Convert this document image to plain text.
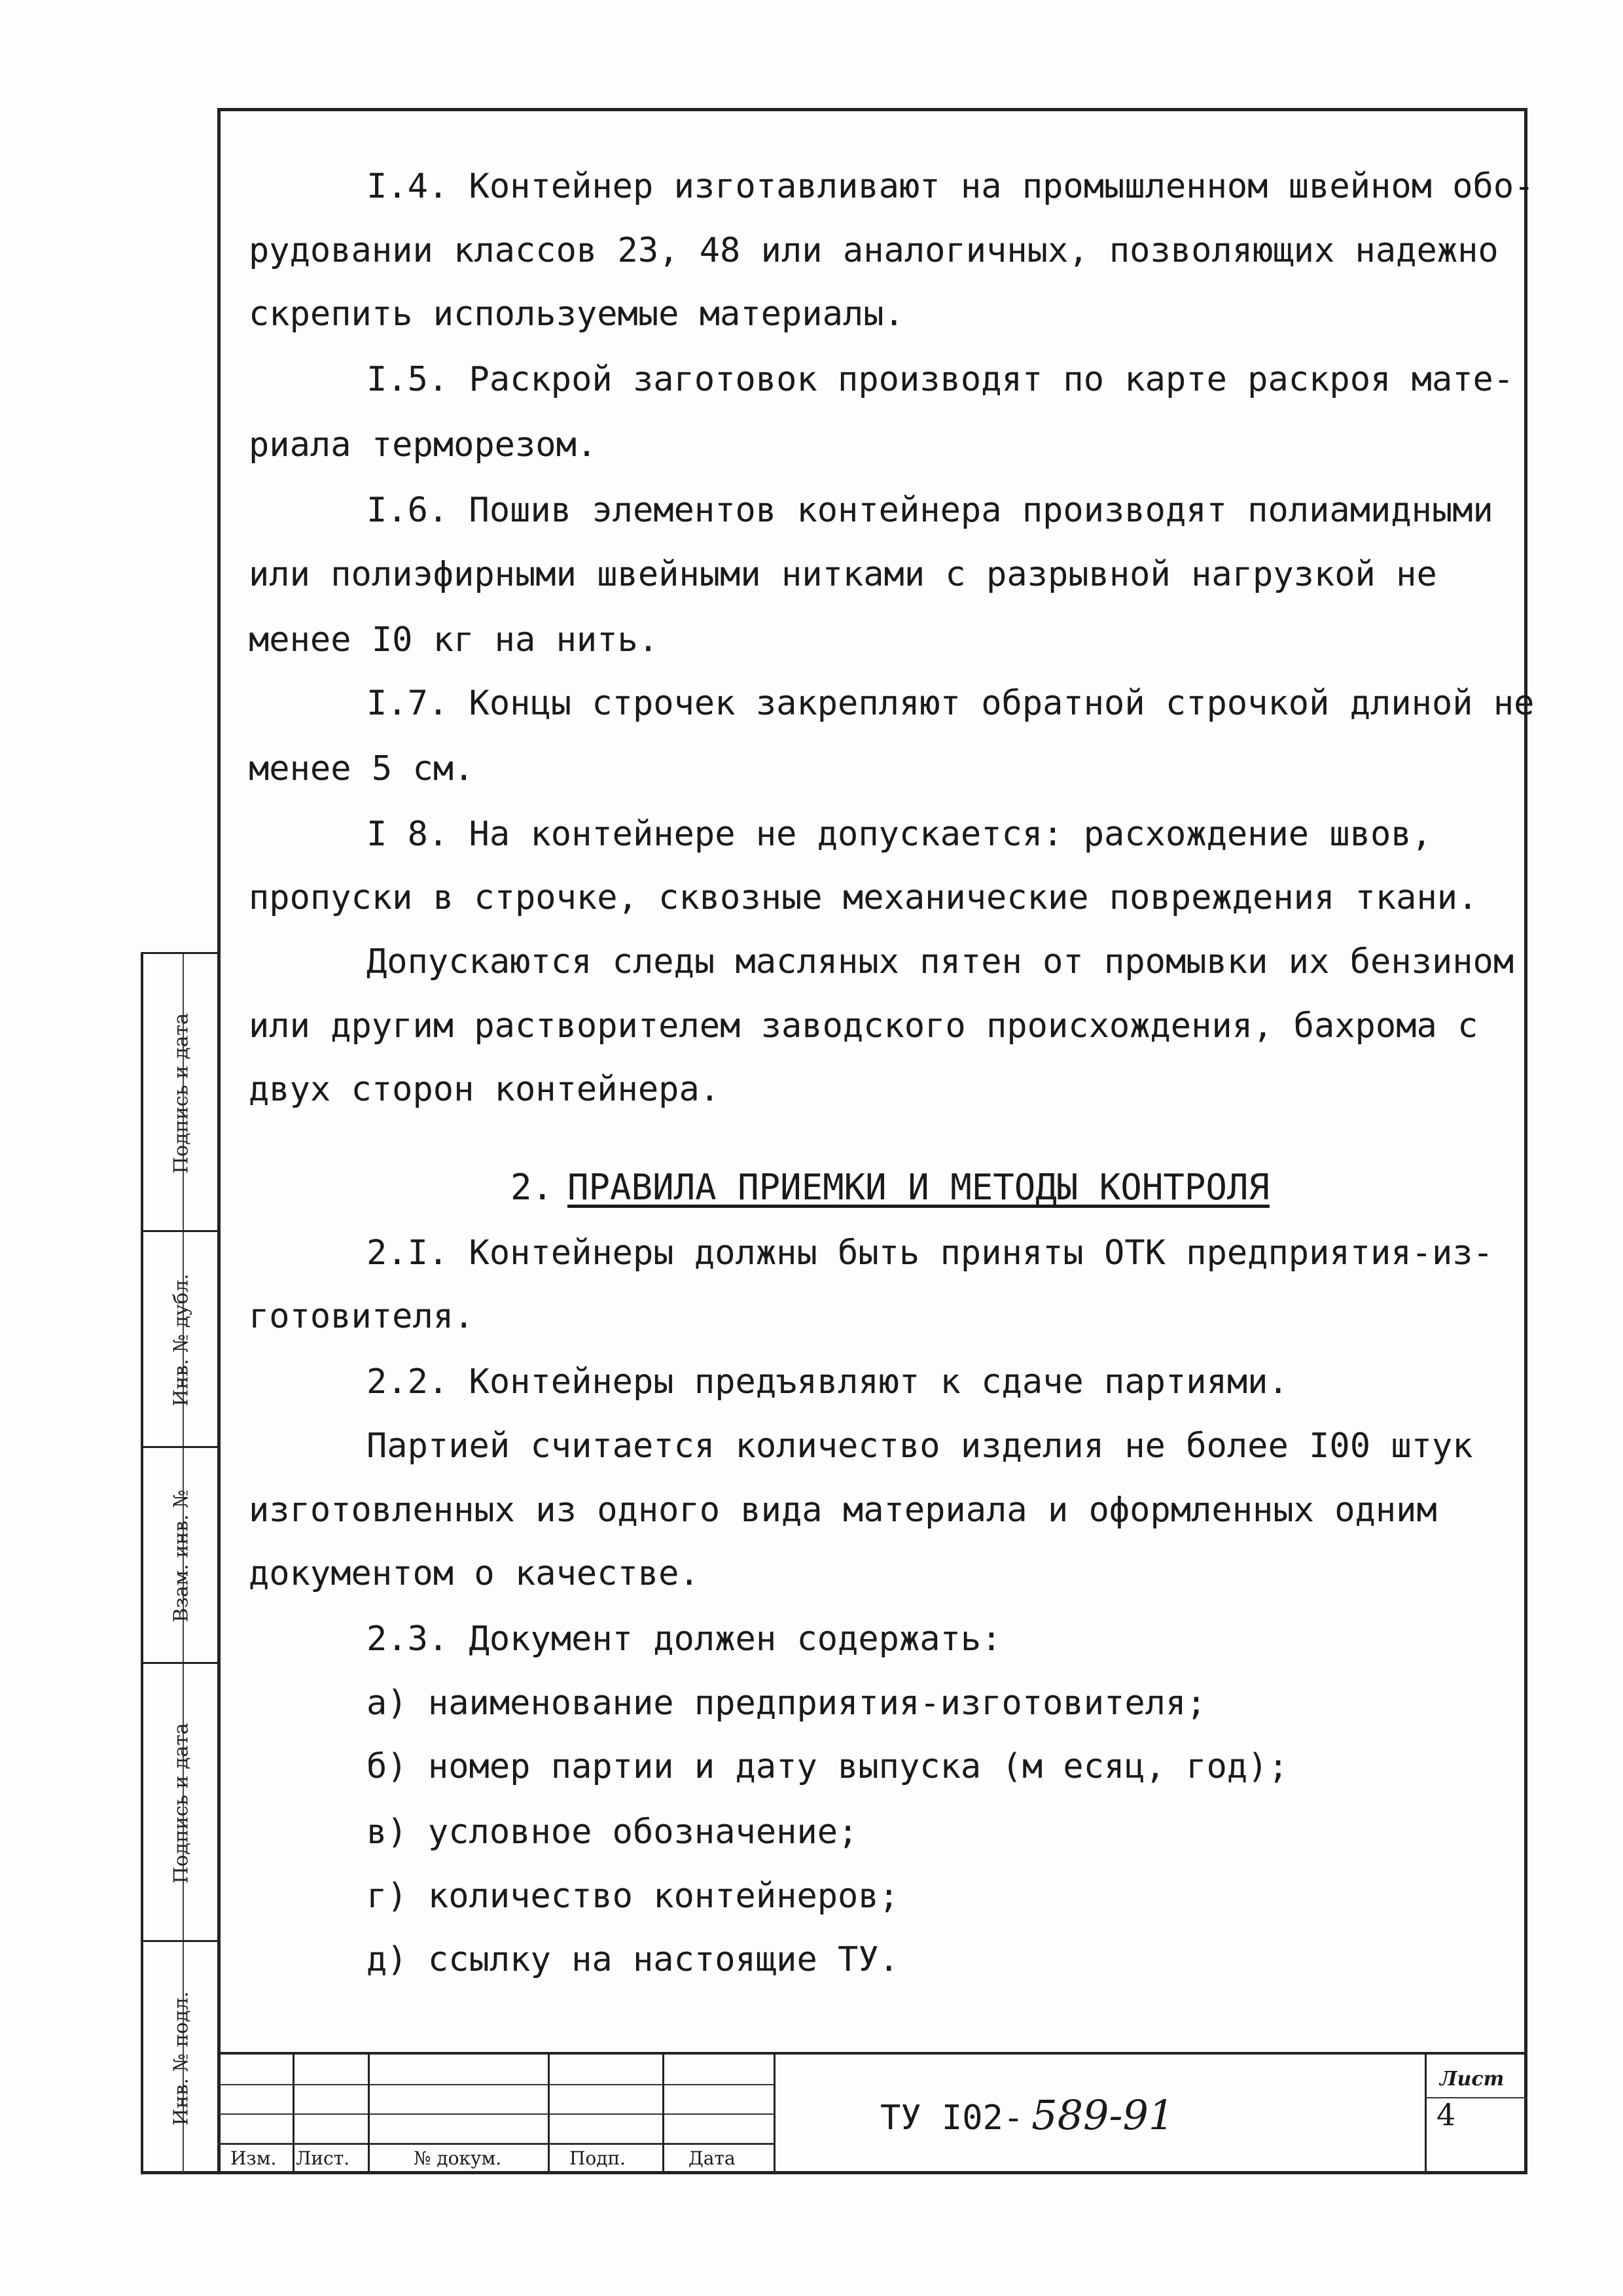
I.4. Контейнер изготавливают на промышленном швейном обо-
рудовании классов 23, 48 или аналогичных, позволяющих надежно
скрепить используемые материалы.
I.5. Раскрой заготовок производят по карте раскроя мате-
риала терморезом.
I.6. Пошив элементов контейнера производят полиамидными
или полиэфирными швейными нитками с разрывной нагрузкой не
менее I0 кг на нить.
I.7. Концы строчек закрепляют обратной строчкой длиной не
менее 5 см.
I 8. На контейнере не допускается: расхождение швов,
пропуски в строчке, сквозные механические повреждения ткани.
Допускаются следы масляных пятен от промывки их бензином
или другим растворителем заводского происхождения, бахрома с
двух сторон контейнера.
2. ПРАВИЛА ПРИЕМКИ И МЕТОДЫ КОНТРОЛЯ
2.I. Контейнеры должны быть приняты ОТК предприятия-из-
готовителя.
2.2. Контейнеры предъявляют к сдаче партиями.
Партией считается количество изделия не более I00 штук
изготовленных из одного вида материала и оформленных одним
документом о качестве.
2.3. Документ должен содержать:
а) наименование предприятия-изготовителя;
б) номер партии и дату выпуска (м есяц, год);
в) условное обозначение;
г) количество контейнеров;
д) ссылку на настоящие ТУ.
Подпись и дата
Инв. № дубл.
Взам. инв. №
Подпись и дата
Инв. № подл.
Изм. Лист.	№ докум.	Подп.	Дата
ТУ I02- 589-91
Лист
4
